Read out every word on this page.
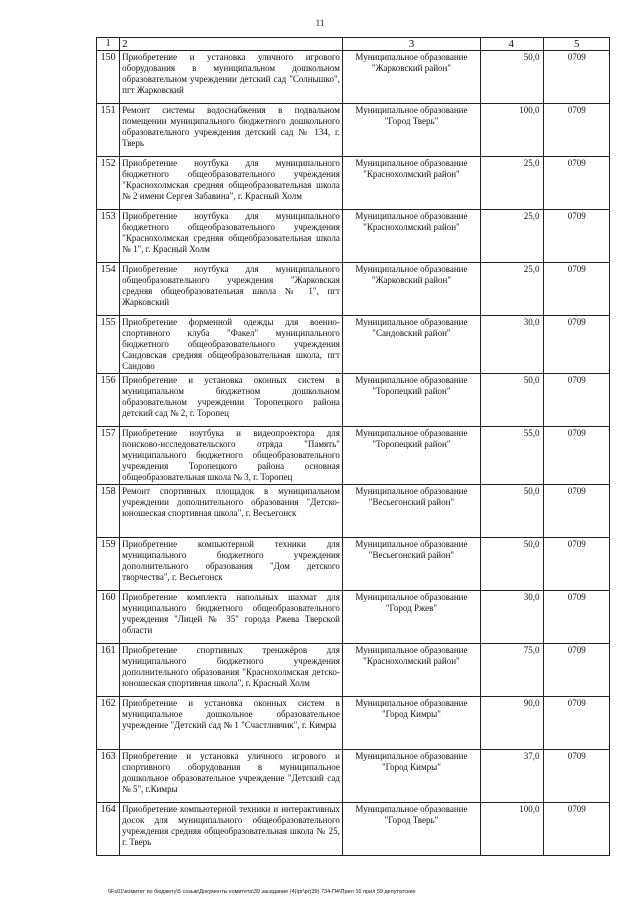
11
1	2	3	4	5
150	Приобретение и установка уличного игрового оборудования в муниципальном дошкольном образовательном учреждении детский сад "Солнышко", пгт Жарковский	Муниципальное образование "Жарковский район"	50,0	0709
151	Ремонт системы водоснабжения в подвальном помещении муниципального бюджетного дошкольного образовательного учреждения детский сад № 134, г. Тверь	Муниципальное образование "Город Тверь"	100,0	0709
152	Приобретение ноутбука для муниципального бюджетного общеобразовательного учреждения "Краснохолмская средняя общеобразовательная школа № 2 имени Сергея Забавина", г. Красный Холм	Муниципальное образование "Краснохолмский район"	25,0	0709
153	Приобретение ноутбука для муниципального бюджетного общеобразовательного учреждения "Краснохолмская средняя общеобразовательная школа № 1", г. Красный Холм	Муниципальное образование "Краснохолмский район"	25,0	0709
154	Приобретение ноутбука для муниципального общеобразовательного учреждения "Жарковская средняя общеобразовательная школа № 1", пгт Жарковский	Муниципальное образование "Жарковский район"	25,0	0709
155	Приобретение форменной одежды для военно-спортивного клуба "Факел" муниципального бюджетного общеобразовательного учреждения Сандовская средняя общеобразовательная школа, пгт Сандово	Муниципальное образование "Сандовский район"	30,0	0709
156	Приобретение и установка оконных систем в муниципальном бюджетном дошкольном образовательном учреждении Торопецкого района детский сад № 2, г. Торопец	Муниципальное образование "Торопецкий район"	50,0	0709
157	Приобретение ноутбука и видеопроектора для поисково-исследовательского отряда "Память" муниципального бюджетного общеобразовательного учреждения Торопецкого района основная общеобразовательная школа № 3, г. Торопец	Муниципальное образование "Торопецкий район"	55,0	0709
158	Ремонт спортивных площадок в муниципальном учреждении дополнительного образования "Детско-юношеская спортивная школа", г. Весьегонск	Муниципальное образование "Весьегонский район"	50,0	0709
159	Приобретение компьютерной техники для муниципального бюджетного учреждения дополнительного образования "Дом детского творчества", г. Весьегонск	Муниципальное образование "Весьегонский район"	50,0	0709
160	Приобретение комплекта напольных шахмат для муниципального бюджетного общеобразовательного учреждения "Лицей № 35" города Ржева Тверской области	Муниципальное образование "Город Ржев"	30,0	0709
161	Приобретение спортивных тренажёров для муниципального бюджетного учреждения дополнительного образования "Краснохолмская детско-юношеская спортивная школа", г. Красный Холм	Муниципальное образование "Краснохолмский район"	75,0	0709
162	Приобретение и установка оконных систем в муниципальное дошкольное образовательное учреждение "Детский сад № 1 "Счастливчик", г. Кимры	Муниципальное образование "Город Кимры"	90,0	0709
163	Приобретение и установка уличного игрового и спортивного оборудования в муниципальное дошкольное образовательное учреждение "Детский сад № 5", г.Кимры	Муниципальное образование "Город Кимры"	37,0	0709
164	Приобретение компьютерной техники и интерактивных досок для муниципального общеобразовательного учреждения средняя общеобразовательная школа № 25, г. Тверь	Муниципальное образование "Город Тверь"	100,0	0709
\\Fs01\комитет по бюджету\5 созыв\Документы комитета\39 заседание (4)\рг\рг(39) 734-П4\Прил 16 прил 59 депутатские
